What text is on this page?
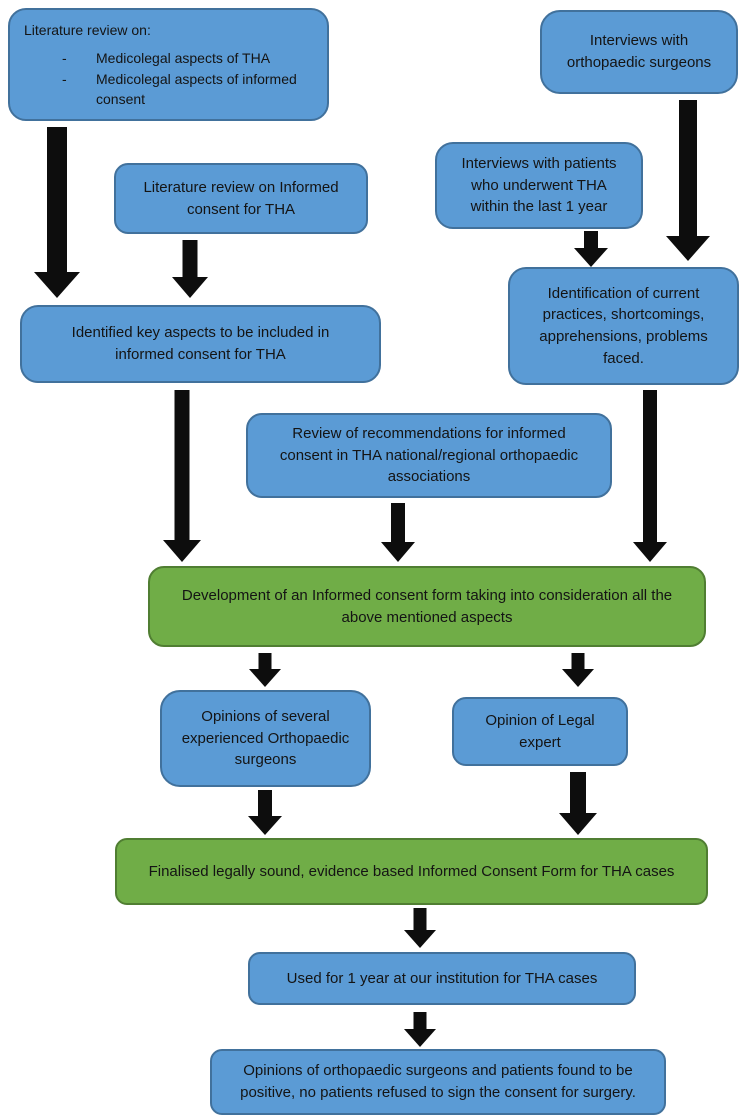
Literature review on:
-	Medicolegal aspects of THA
-	Medicolegal aspects of informed consent
Interviews with orthopaedic surgeons
Literature review on Informed consent for THA
Interviews with patients who underwent THA within the last 1 year
Identification of current practices, shortcomings, apprehensions, problems faced.
Identified key aspects to be included in informed consent for THA
Review of recommendations for informed consent in THA national/regional orthopaedic associations
Development of an Informed consent form taking into consideration all the above mentioned aspects
Opinions of several experienced Orthopaedic surgeons
Opinion of Legal expert
Finalised legally sound, evidence based Informed Consent Form for THA cases
Used for 1 year at our institution for THA cases
Opinions of orthopaedic surgeons and patients found to be positive, no patients refused to sign the consent for surgery.
